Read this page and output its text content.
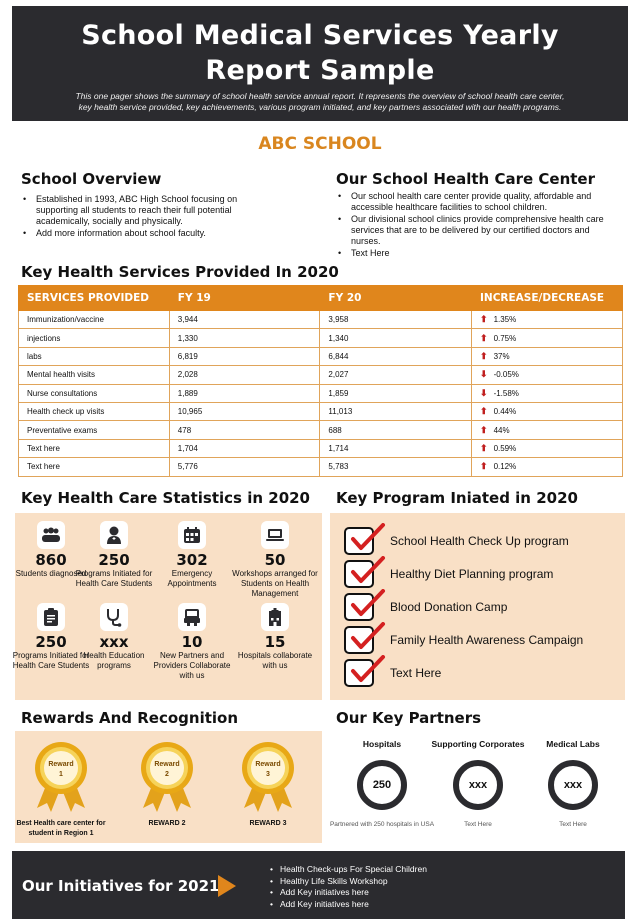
School Medical Services Yearly
Report Sample

This one pager shows the summary of school health service annual report. It represents the overview of school health care center,
key health service provided, key achievements, various program initiated, and key partners associated with our health programs.

ABC SCHOOL
School Overview
• Established in 1993, ABC High School focusing on supporting all students to reach their full potential academically, socially and physically.
• Add more information about school faculty.
Our School Health Care Center
• Our school health care center provide quality, affordable and accessible healthcare facilities to school children.
• Our divisional school clinics provide comprehensive health care services that are to be delivered by our certified doctors and nurses.
• Text Here
Key Health Services Provided In 2020
SERVICES PROVIDED	FY 19	FY 20	INCREASE/DECREASE
Immunization/vaccine	3,944	3,958	⬆ 1.35%
injections	1,330	1,340	⬆ 0.75%
labs	6,819	6,844	⬆ 37%
Mental health visits	2,028	2,027	⬇ -0.05%
Nurse consultations	1,889	1,859	⬇ -1.58%
Health check up visits	10,965	11,013	⬆ 0.44%
Preventative exams	478	688	⬆ 44%
Text here	1,704	1,714	⬆ 0.59%
Text here	5,776	5,783	⬆ 0.12%
Key Health Care Statistics in 2020
860
Students diagnosed
250
Programs Initiated for Health Care Students
302
Emergency Appointments
50
Workshops arranged for Students on Health Management
250
Programs Initiated for Health Care Students
xxx
Health Education programs
10
New Partners and Providers Collaborate with us
15
Hospitals collaborate with us
Key Program Iniated in 2020
School Health Check Up program
Healthy Diet Planning program
Blood Donation Camp
Family Health Awareness Campaign
Text Here
Rewards And Recognition
Reward
1
Best Health care center for student in Region 1
Reward
2
REWARD 2
Reward
3
REWARD 3
Our Key Partners
Hospitals
250
Partnered with 250 hospitals in USA
Supporting Corporates
xxx
Text Here
Medical Labs
xxx
Text Here
Our Initiatives for 2021
• Health Check-ups For Special Children
• Healthy Life Skills Workshop
• Add Key initiatives here
• Add Key initiatives here
